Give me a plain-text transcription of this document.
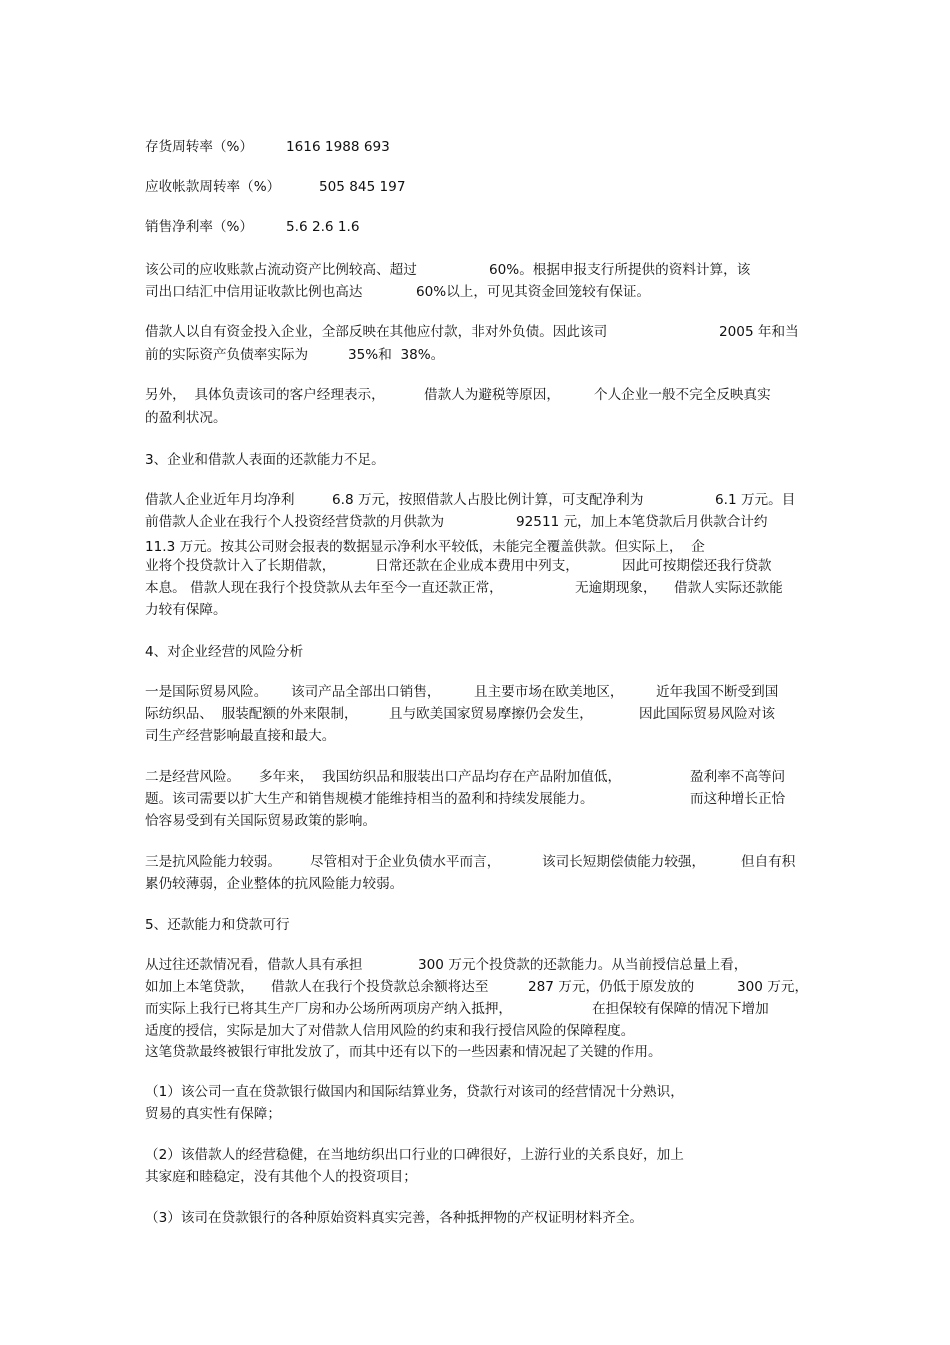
存货周转率（%） 1616 1988 693
应收帐款周转率（%）	505 845 197
销售净利率（%） 5.6 2.6 1.6
该公司的应收账款占流动资产比例较高、超过	60%。根据申报支行所提供的资料计算，该
司出口结汇中信用证收款比例也高达	60%以上，可见其资金回笼较有保证。
借款人以自有资金投入企业，全部反映在其他应付款，非对外负债。因此该司	2005 年和当
前的实际资产负债率实际为	35%和  38%。
另外，  具体负责该司的客户经理表示，	借款人为避税等原因，	个人企业一般不完全反映真实
的盈利状况。
3、企业和借款人表面的还款能力不足。
借款人企业近年月均净利	6.8 万元，按照借款人占股比例计算，可支配净利为	6.1 万元。目
前借款人企业在我行个人投资经营贷款的月供款为	92511 元，加上本笔贷款后月供款合计约
11.3 万元。按其公司财会报表的数据显示净利水平较低，未能完全覆盖供款。但实际上，  企
业将个投贷款计入了长期借款，	日常还款在企业成本费用中列支，	因此可按期偿还我行贷款
本息。 借款人现在我行个投贷款从去年至今一直还款正常，	无逾期现象， 借款人实际还款能
力较有保障。
4、对企业经营的风险分析
一是国际贸易风险。 该司产品全部出口销售， 且主要市场在欧美地区， 近年我国不断受到国
际纺织品、  服装配额的外来限制， 且与欧美国家贸易摩擦仍会发生，	因此国际贸易风险对该
司生产经营影响最直接和最大。
二是经营风险。 多年来，  我国纺织品和服装出口产品均存在产品附加值低，	盈利率不高等问
题。该司需要以扩大生产和销售规模才能维持相当的盈利和持续发展能力。	而这种增长正恰
恰容易受到有关国际贸易政策的影响。
三是抗风险能力较弱。 尽管相对于企业负债水平而言，	该司长短期偿债能力较强，	但自有积
累仍较薄弱，企业整体的抗风险能力较弱。
5、还款能力和贷款可行
从过往还款情况看，借款人具有承担	300 万元个投贷款的还款能力。从当前授信总量上看，
如加上本笔贷款， 借款人在我行个投贷款总余额将达至	287 万元，仍低于原发放的	300 万元，
而实际上我行已将其生产厂房和办公场所两项房产纳入抵押，	在担保较有保障的情况下增加
适度的授信，实际是加大了对借款人信用风险的约束和我行授信风险的保障程度。
这笔贷款最终被银行审批发放了，而其中还有以下的一些因素和情况起了关键的作用。
（1）该公司一直在贷款银行做国内和国际结算业务，贷款行对该司的经营情况十分熟识，
贸易的真实性有保障；
（2）该借款人的经营稳健，在当地纺织出口行业的口碑很好，上游行业的关系良好，加上
其家庭和睦稳定，没有其他个人的投资项目；
（3）该司在贷款银行的各种原始资料真实完善，各种抵押物的产权证明材料齐全。
